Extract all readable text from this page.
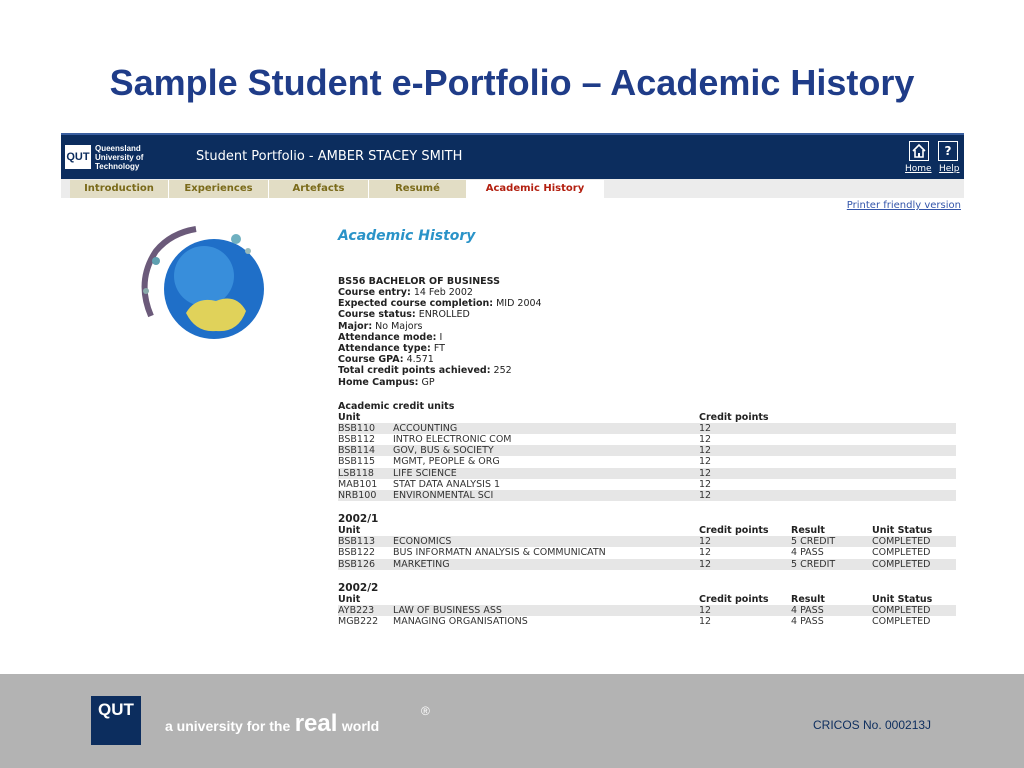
Sample Student e-Portfolio – Academic History
QUT
Queensland University of Technology
Student Portfolio - AMBER STACEY SMITH	?
Home Help
Introduction	Experiences	Artefacts	Resumé	Academic History
Printer friendly version
Academic History
BS56 BACHELOR OF BUSINESS
Course entry: 14 Feb 2002
Expected course completion: MID 2004
Course status: ENROLLED
Major: No Majors
Attendance mode: I
Attendance type: FT
Course GPA: 4.571
Total credit points achieved: 252
Home Campus: GP
Academic credit units
Unit		Credit points
BSB110	ACCOUNTING	12
BSB112	INTRO ELECTRONIC COM	12
BSB114	GOV, BUS & SOCIETY	12
BSB115	MGMT, PEOPLE & ORG	12
LSB118	LIFE SCIENCE	12
MAB101	STAT DATA ANALYSIS 1	12
NRB100	ENVIRONMENTAL SCI	12
2002/1
Unit		Credit points	Result	Unit Status
BSB113	ECONOMICS	12	5 CREDIT	COMPLETED
BSB122	BUS INFORMATN ANALYSIS & COMMUNICATN	12	4 PASS	COMPLETED
BSB126	MARKETING	12	5 CREDIT	COMPLETED
2002/2
Unit		Credit points	Result	Unit Status
AYB223	LAW OF BUSINESS ASS	12	4 PASS	COMPLETED
MGB222	MANAGING ORGANISATIONS	12	4 PASS	COMPLETED
QUT
a university for the real world
®
CRICOS No. 000213J
